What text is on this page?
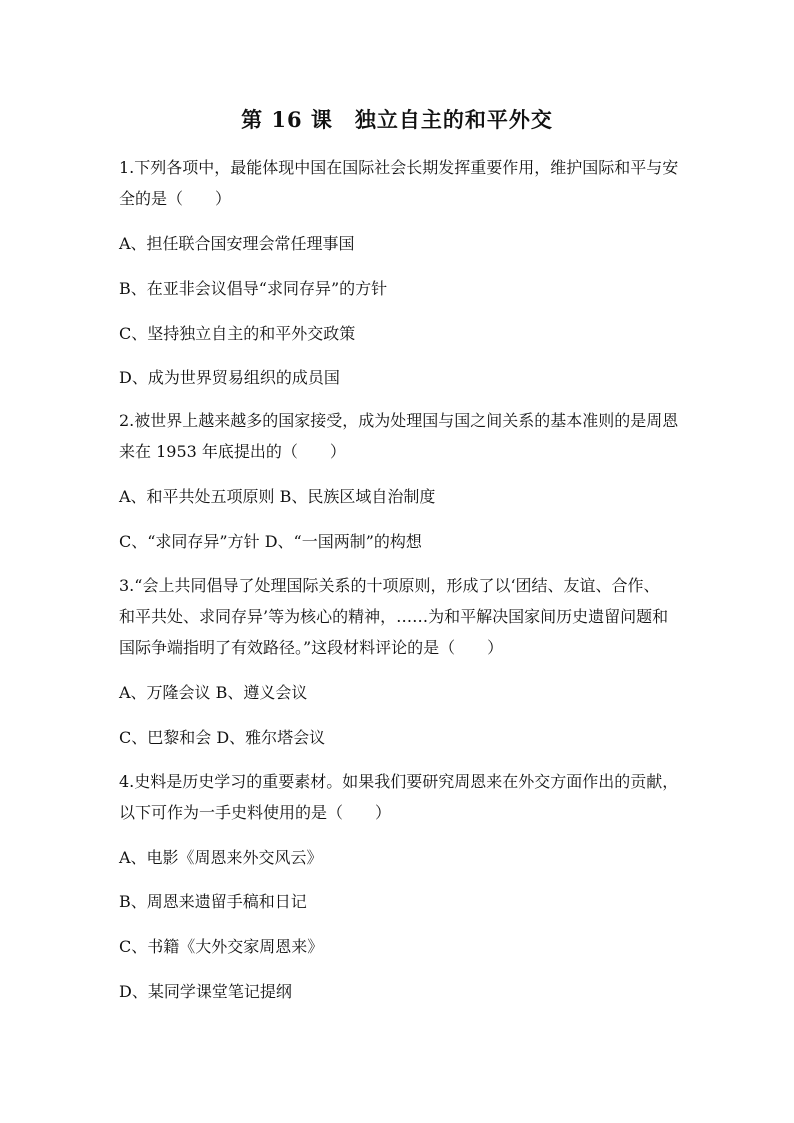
第 16 课　独立自主的和平外交
1.下列各项中，最能体现中国在国际社会长期发挥重要作用，维护国际和平与安
全的是（　　）
A、担任联合国安理会常任理事国
B、在亚非会议倡导“求同存异”的方针
C、坚持独立自主的和平外交政策
D、成为世界贸易组织的成员国
2.被世界上越来越多的国家接受，成为处理国与国之间关系的基本准则的是周恩
来在 1953 年底提出的（　　）
A、和平共处五项原则 B、民族区域自治制度
C、“求同存异”方针 D、“一国两制”的构想
3.“会上共同倡导了处理国际关系的十项原则，形成了以‘团结、友谊、合作、
和平共处、求同存异’等为核心的精神，……为和平解决国家间历史遗留问题和
国际争端指明了有效路径。”这段材料评论的是（　　）
A、万隆会议 B、遵义会议
C、巴黎和会 D、雅尔塔会议
4.史料是历史学习的重要素材。如果我们要研究周恩来在外交方面作出的贡献，
以下可作为一手史料使用的是（　　）
A、电影《周恩来外交风云》
B、周恩来遗留手稿和日记
C、书籍《大外交家周恩来》
D、某同学课堂笔记提纲
